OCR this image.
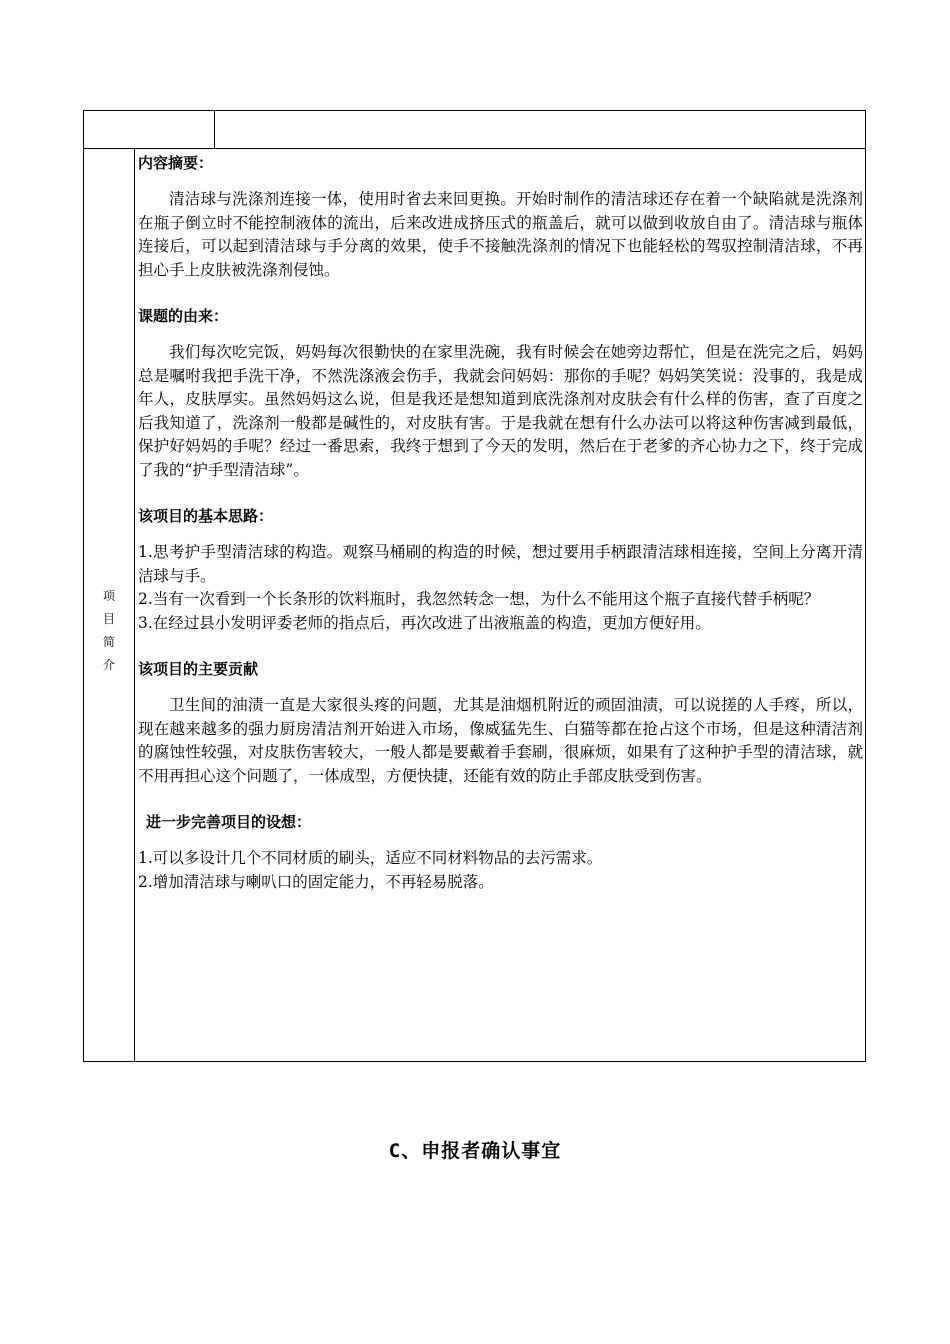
项
目
简
介
内容摘要：

清洁球与洗涤剂连接一体，使用时省去来回更换。开始时制作的清洁球还存在着一个缺陷就是洗涤剂在瓶子倒立时不能控制液体的流出，后来改进成挤压式的瓶盖后，就可以做到收放自由了。清洁球与瓶体连接后，可以起到清洁球与手分离的效果，使手不接触洗涤剂的情况下也能轻松的驾驭控制清洁球，不再担心手上皮肤被洗涤剂侵蚀。

课题的由来：

我们每次吃完饭，妈妈每次很勤快的在家里洗碗，我有时候会在她旁边帮忙，但是在洗完之后，妈妈总是嘱咐我把手洗干净，不然洗涤液会伤手，我就会问妈妈：那你的手呢？妈妈笑笑说：没事的，我是成年人，皮肤厚实。虽然妈妈这么说，但是我还是想知道到底洗涤剂对皮肤会有什么样的伤害，查了百度之后我知道了，洗涤剂一般都是碱性的，对皮肤有害。于是我就在想有什么办法可以将这种伤害减到最低，保护好妈妈的手呢？经过一番思索，我终于想到了今天的发明，然后在于老爹的齐心协力之下，终于完成了我的“护手型清洁球”。

该项目的基本思路：

1.思考护手型清洁球的构造。观察马桶刷的构造的时候，想过要用手柄跟清洁球相连接，空间上分离开清洁球与手。

2.当有一次看到一个长条形的饮料瓶时，我忽然转念一想，为什么不能用这个瓶子直接代替手柄呢？

3.在经过县小发明评委老师的指点后，再次改进了出液瓶盖的构造，更加方便好用。

该项目的主要贡献

卫生间的油渍一直是大家很头疼的问题，尤其是油烟机附近的顽固油渍，可以说搓的人手疼，所以，现在越来越多的强力厨房清洁剂开始进入市场，像威猛先生、白猫等都在抢占这个市场，但是这种清洁剂的腐蚀性较强，对皮肤伤害较大，一般人都是要戴着手套刷，很麻烦，如果有了这种护手型的清洁球，就不用再担心这个问题了，一体成型，方便快捷，还能有效的防止手部皮肤受到伤害。

进一步完善项目的设想：

1.可以多设计几个不同材质的刷头，适应不同材料物品的去污需求。

2.增加清洁球与喇叭口的固定能力，不再轻易脱落。

C、申报者确认事宜
